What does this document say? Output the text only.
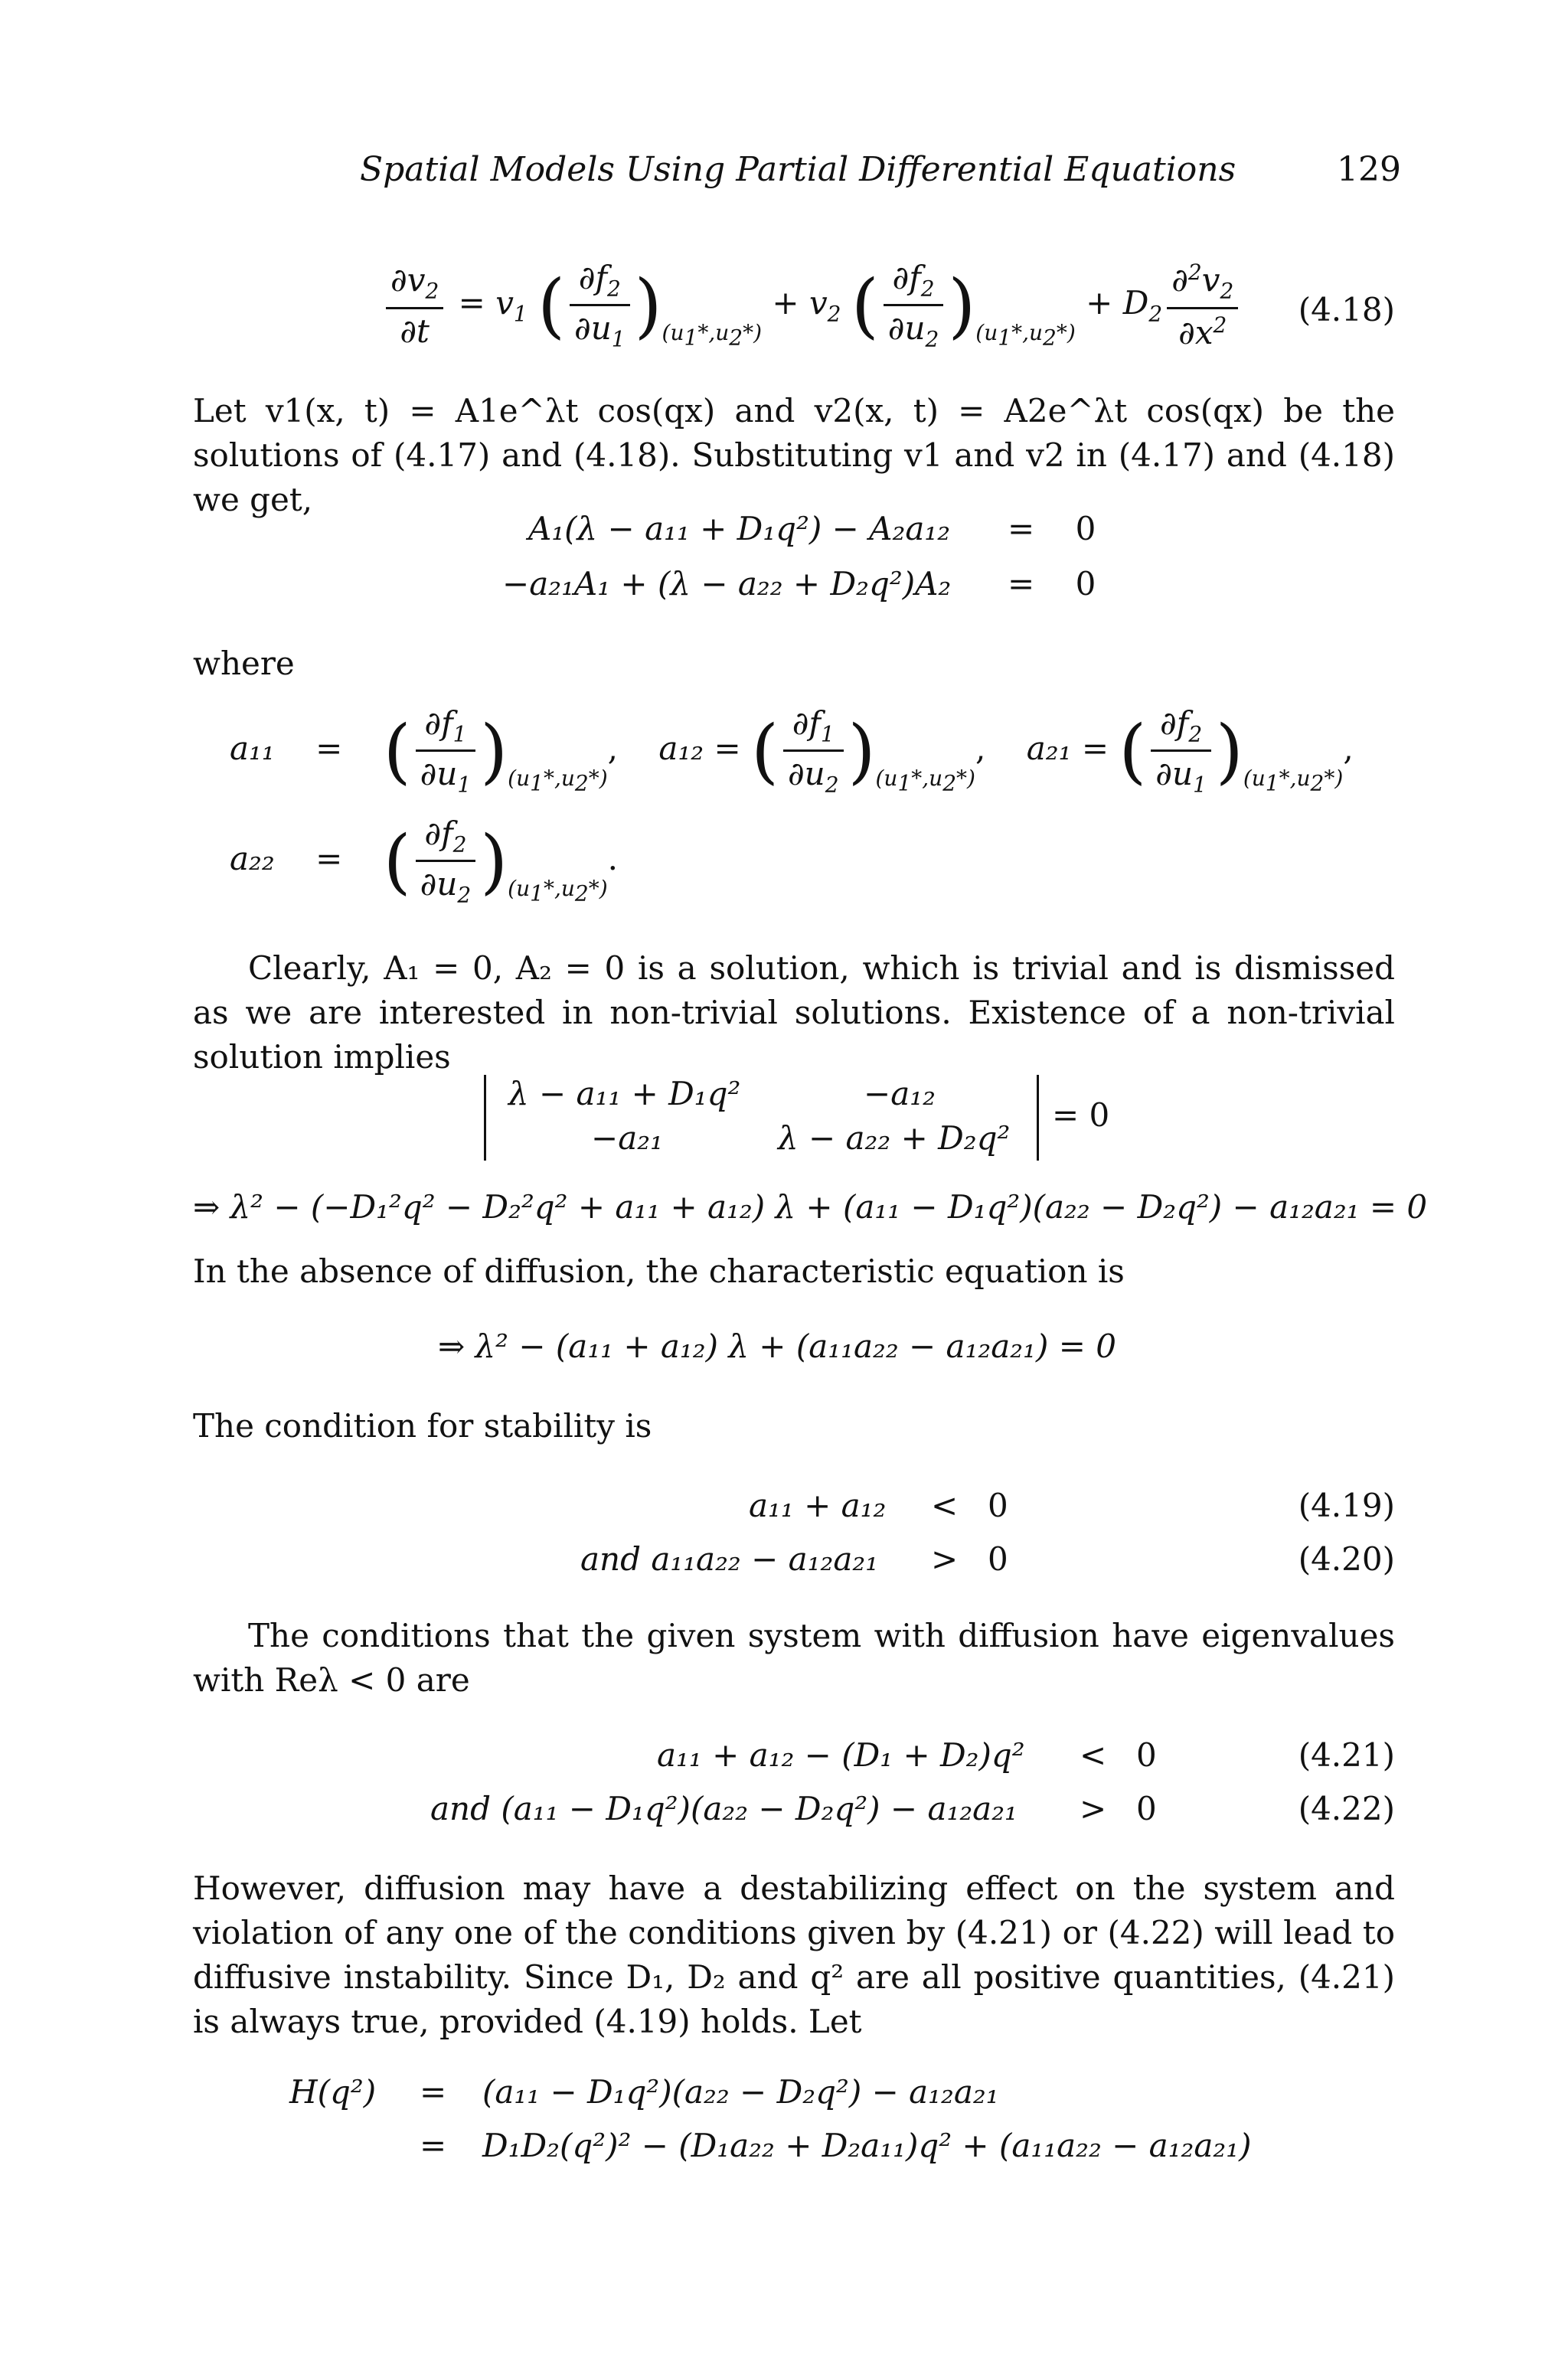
Spatial Models Using Partial Differential Equations	129
$\frac{\partial v_2}{\partial t} = v_1$ ( $\frac{\partial f_2}{\partial u_1} )_{(u_1*,u_2*)} + v_2$ ( $\frac{\partial f_2}{\partial u_2} )_{(u_1*,u_2*)} + D_2 \frac{\partial^2v_2}{\partial x^2} (4.18)$
Let v1(x, t) = A1e^λt cos(qx) and v2(x, t) = A2e^λt cos(qx) be the solutions of (4.17) and (4.18). Substituting v1 and v2 in (4.17) and (4.18) we get,
A₁(λ − a₁₁ + D₁q²) − A₂a₁₂ = 0
−a₂₁A₁ + (λ − a₂₂ + D₂q²)A₂ = 0
where
a₁₁ = ( $\frac{\partial f_1}{\partial u_1} )_{(u_1*,u_2*)}$, a₁₂ = ( $\frac{\partial f_1}{\partial u_2} )_{(u_1*,u_2*)}$, a₂₁ = ( $\frac{\partial f_2}{\partial u_1} )_{(u_1*,u_2*)}$,
a₂₂ = ( $\frac{\partial f_2}{\partial u_2} )_{(u_1*,u_2*)}$.
Clearly, A₁ = 0, A₂ = 0 is a solution, which is trivial and is dismissed as we are interested in non-trivial solutions. Existence of a non-trivial solution implies
λ − a₁₁ + D₁q²	−a₁₂
−a₂₁	λ − a₂₂ + D₂q²
= 0
⇒ λ² − (−D₁²q² − D₂²q² + a₁₁ + a₁₂) λ + (a₁₁ − D₁q²)(a₂₂ − D₂q²) − a₁₂a₂₁ = 0
In the absence of diffusion, the characteristic equation is
⇒ λ² − (a₁₁ + a₁₂) λ + (a₁₁a₂₂ − a₁₂a₂₁) = 0
The condition for stability is
a₁₁ + a₁₂ < 0	(4.19)
and a₁₁a₂₂ − a₁₂a₂₁ > 0	(4.20)
The conditions that the given system with diffusion have eigenvalues with Reλ < 0 are
a₁₁ + a₁₂ − (D₁ + D₂)q² < 0	(4.21)
and (a₁₁ − D₁q²)(a₂₂ − D₂q²) − a₁₂a₂₁ > 0	(4.22)
However, diffusion may have a destabilizing effect on the system and violation of any one of the conditions given by (4.21) or (4.22) will lead to diffusive instability. Since D₁, D₂ and q² are all positive quantities, (4.21) is always true, provided (4.19) holds. Let
H(q²) = (a₁₁ − D₁q²)(a₂₂ − D₂q²) − a₁₂a₂₁
= D₁D₂(q²)² − (D₁a₂₂ + D₂a₁₁)q² + (a₁₁a₂₂ − a₁₂a₂₁)
